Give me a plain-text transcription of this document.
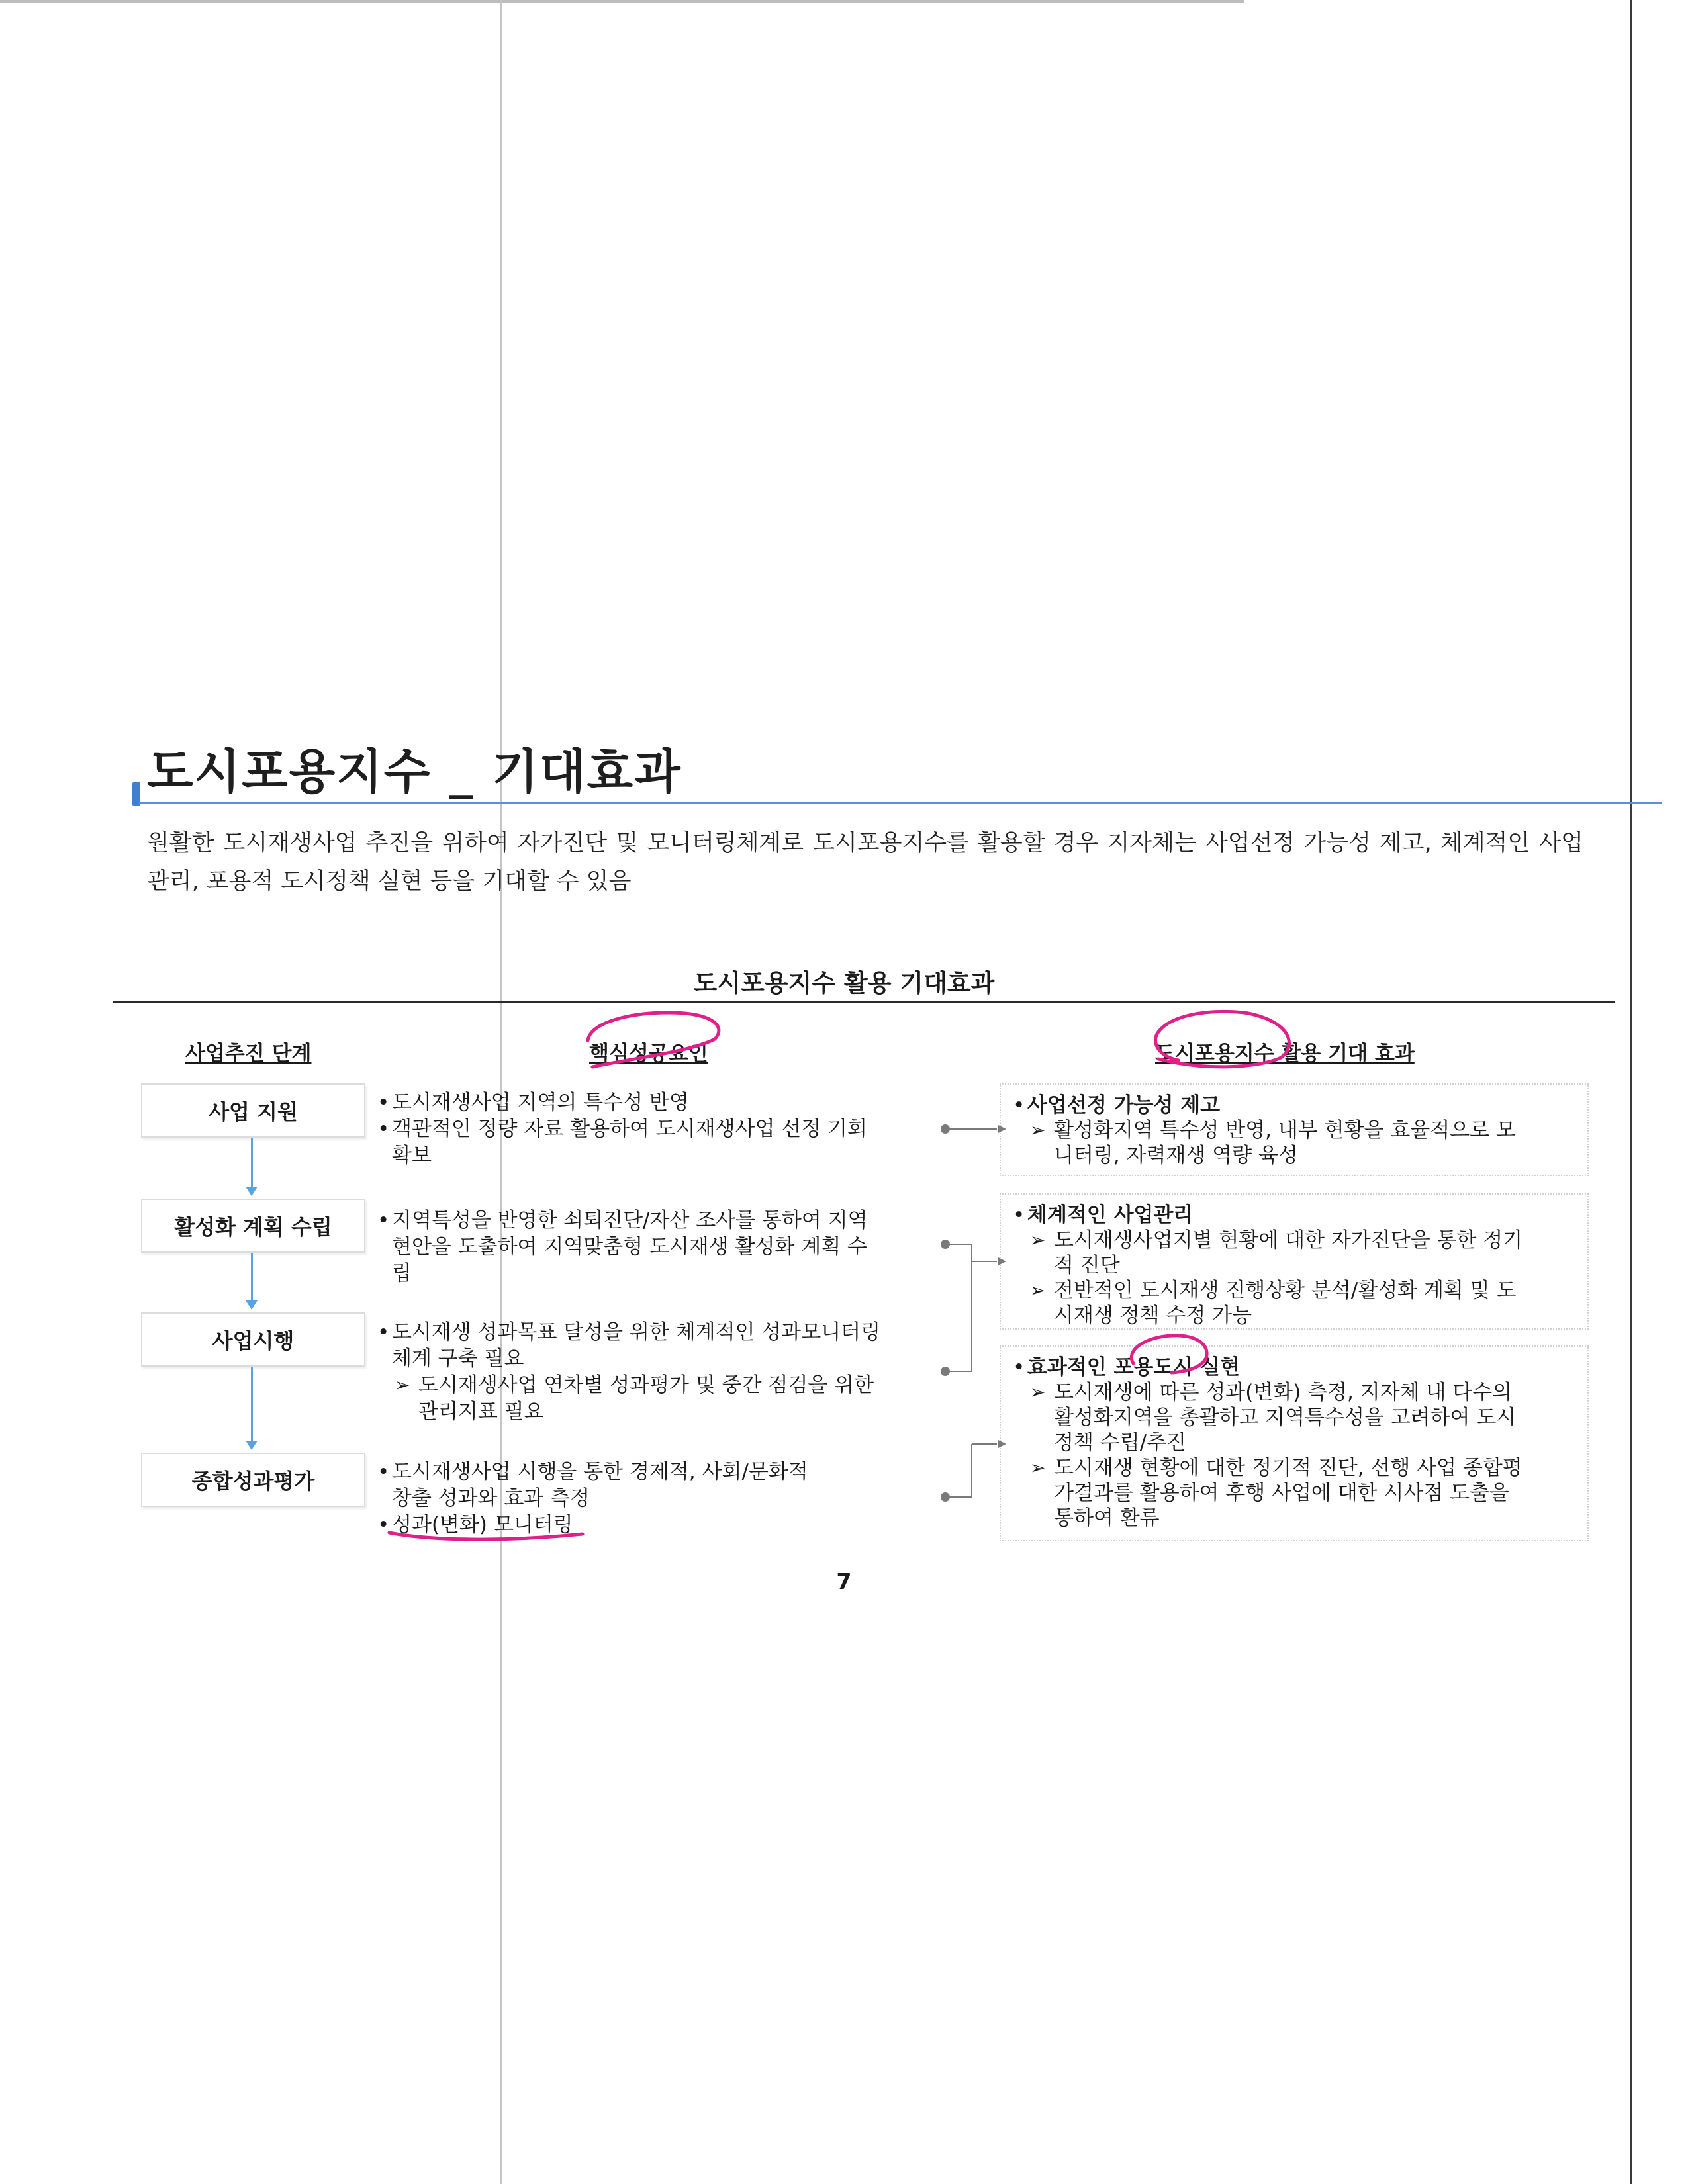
도시포용지수 _ 기대효과
원활한 도시재생사업 추진을 위하여 자가진단 및 모니터링체계로 도시포용지수를 활용할 경우 지자체는 사업선정 가능성 제고, 체계적인 사업관리, 포용적 도시정책 실현 등을 기대할 수 있음
도시포용지수 활용 기대효과
사업추진 단계	핵심성공요인	도시포용지수 활용 기대 효과
사업 지원
활성화 계획 수립
사업시행
종합성과평가
• 도시재생사업 지역의 특수성 반영
• 객관적인 정량 자료 활용하여 도시재생사업 선정 기회
확보
• 지역특성을 반영한 쇠퇴진단/자산 조사를 통하여 지역
현안을 도출하여 지역맞춤형 도시재생 활성화 계획 수
립
• 도시재생 성과목표 달성을 위한 체계적인 성과모니터링
체계 구축 필요
➢ 도시재생사업 연차별 성과평가 및 중간 점검을 위한
관리지표 필요
• 도시재생사업 시행을 통한 경제적, 사회/문화적
창출 성과와 효과 측정
• 성과(변화) 모니터링
• 사업선정 가능성 제고
➢ 활성화지역 특수성 반영, 내부 현황을 효율적으로 모
니터링, 자력재생 역량 육성
• 체계적인 사업관리
➢ 도시재생사업지별 현황에 대한 자가진단을 통한 정기
적 진단
➢ 전반적인 도시재생 진행상황 분석/활성화 계획 및 도
시재생 정책 수정 가능
• 효과적인 포용도시 실현
➢ 도시재생에 따른 성과(변화) 측정, 지자체 내 다수의
활성화지역을 총괄하고 지역특수성을 고려하여 도시
정책 수립/추진
➢ 도시재생 현황에 대한 정기적 진단, 선행 사업 종합평
가결과를 활용하여 후행 사업에 대한 시사점 도출을
통하여 환류
7
